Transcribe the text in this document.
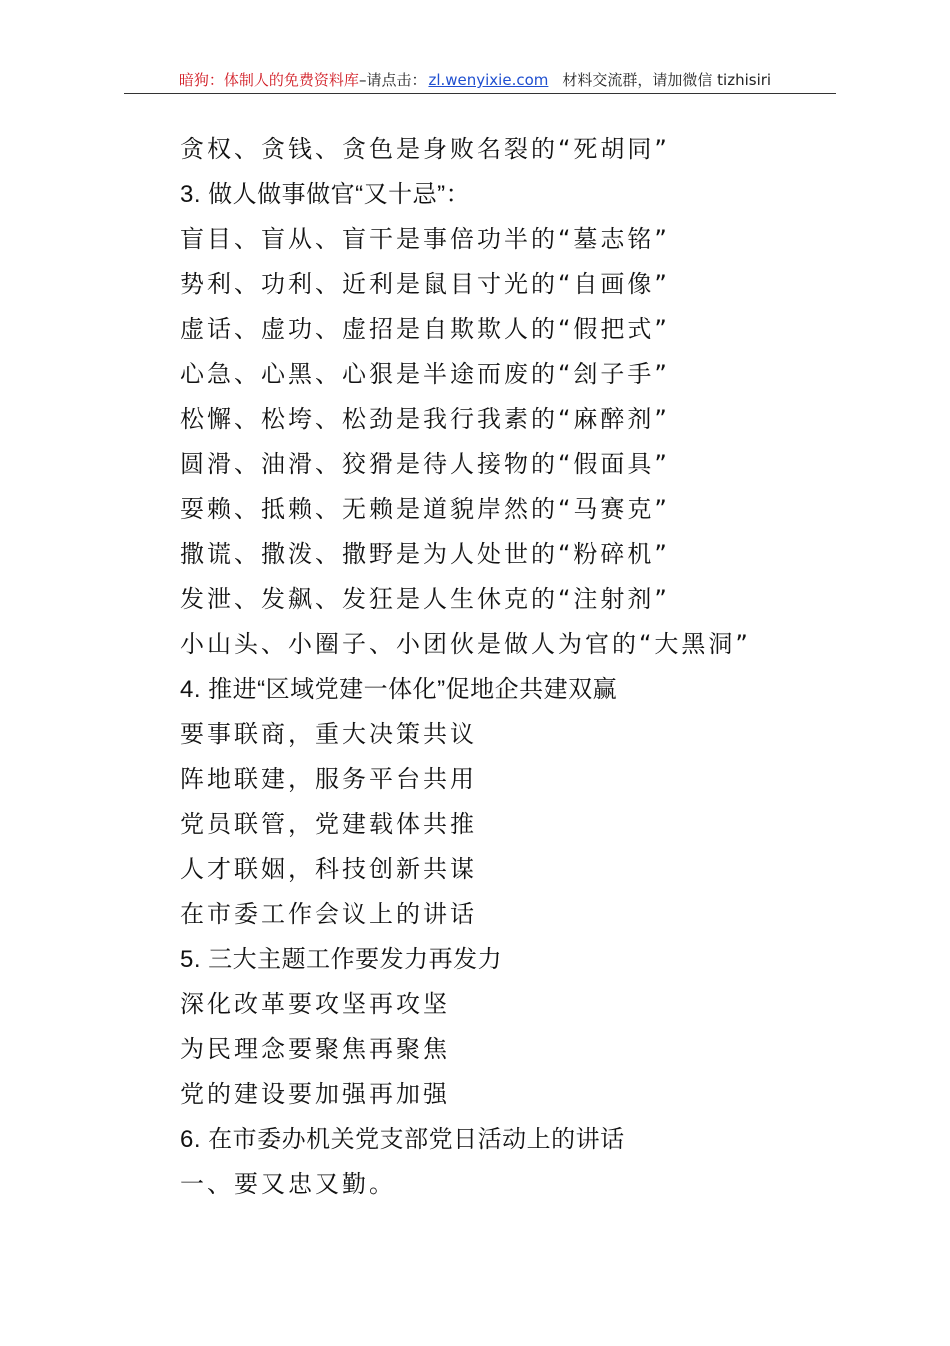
暗狗：体制人的免费资料库–请点击： zl.wenyixie.com 材料交流群，请加微信 tizhisiri
贪权、贪钱、贪色是身败名裂的“死胡同”
3. 做人做事做官“又十忌”：
盲目、盲从、盲干是事倍功半的“墓志铭”
势利、功利、近利是鼠目寸光的“自画像”
虚话、虚功、虚招是自欺欺人的“假把式”
心急、心黑、心狠是半途而废的“刽子手”
松懈、松垮、松劲是我行我素的“麻醉剂”
圆滑、油滑、狡猾是待人接物的“假面具”
耍赖、抵赖、无赖是道貌岸然的“马赛克”
撒谎、撒泼、撒野是为人处世的“粉碎机”
发泄、发飙、发狂是人生休克的“注射剂”
小山头、小圈子、小团伙是做人为官的“大黑洞”
4. 推进“区域党建一体化”促地企共建双赢
要事联商，重大决策共议
阵地联建，服务平台共用
党员联管，党建载体共推
人才联姻，科技创新共谋
在市委工作会议上的讲话
5. 三大主题工作要发力再发力
深化改革要攻坚再攻坚
为民理念要聚焦再聚焦
党的建设要加强再加强
6. 在市委办机关党支部党日活动上的讲话
一、要又忠又勤。
